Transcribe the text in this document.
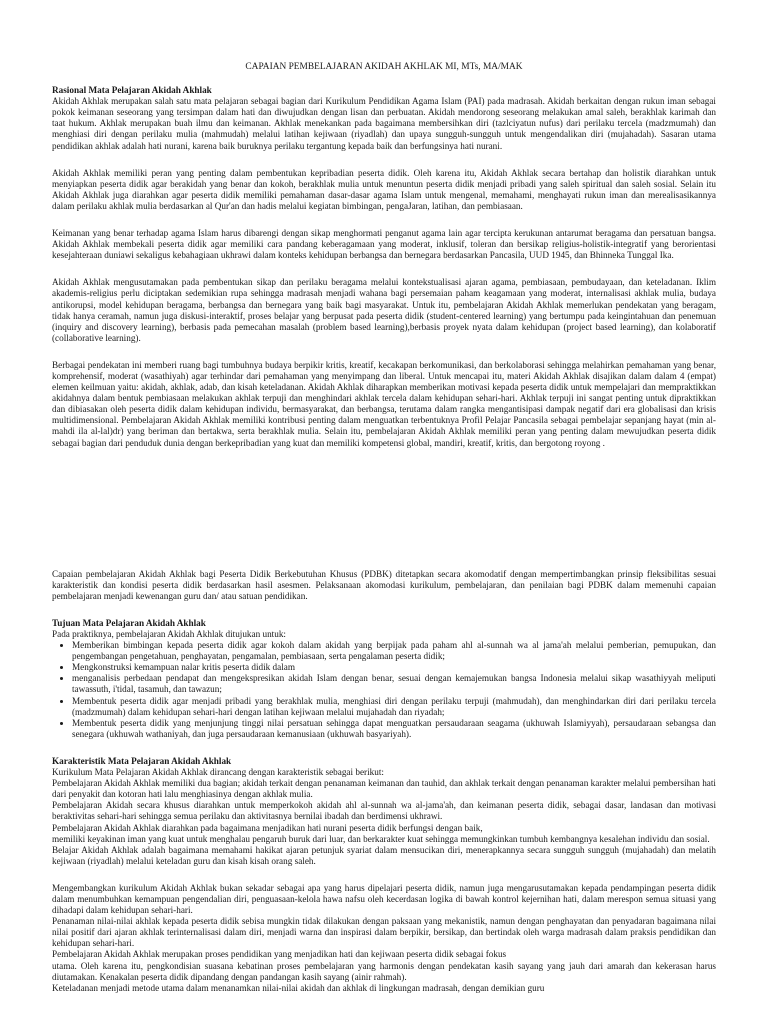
CAPAIAN PEMBELAJARAN AKIDAH AKHLAK MI, MTs, MA/MAK

Rasional Mata Pelajaran Akidah Akhlak

Akidah Akhlak merupakan salah satu mata pelajaran sebagai bagian dari Kurikulum Pendidikan Agama Islam (PAI) pada madrasah. Akidah berkaitan dengan rukun iman sebagai pokok keimanan seseorang yang tersimpan dalam hati dan diwujudkan dengan lisan dan perbuatan. Akidah mendorong seseorang melakukan amal saleh, berakhlak karimah dan taat hukum. Akhlak merupakan buah ilmu dan keimanan. Akhlak menekankan pada bagaimana membersihkan diri (tazlciyatun nufus) dari perilaku tercela (madzmumah) dan menghiasi diri dengan perilaku mulia (mahmudah) melalui latihan kejiwaan (riyadlah) dan upaya sungguh-sungguh untuk mengendalikan diri (mujahadah). Sasaran utama pendidikan akhlak adalah hati nurani, karena baik buruknya perilaku tergantung kepada baik dan berfungsinya hati nurani.

Akidah Akhlak memiliki peran yang penting dalam pembentukan kepribadian peserta didik. Oleh karena itu, Akidah Akhlak secara bertahap dan holistik diarahkan untuk menyiapkan peserta didik agar berakidah yang benar dan kokoh, berakhlak mulia untuk menuntun peserta didik menjadi pribadi yang saleh spiritual dan saleh sosial. Selain itu Akidah Akhlak juga diarahkan agar peserta didik memiliki pemahaman dasar-dasar agama Islam untuk mengenal, memahami, menghayati rukun iman dan merealisasikannya dalam perilaku akhlak mulia berdasarkan al Qur'an dan hadis melalui kegiatan bimbingan, pengaJaran, latihan, dan pembiasaan.

Keimanan yang benar terhadap agama Islam harus dibarengi dengan sikap menghormati penganut agama lain agar tercipta kerukunan antarumat beragama dan persatuan bangsa. Akidah Akhlak membekali peserta didik agar memiliki cara pandang keberagamaan yang moderat, inklusif, toleran dan bersikap religius-holistik-integratif yang berorientasi kesejahteraan duniawi sekaligus kebahagiaan ukhrawi dalam konteks kehidupan berbangsa dan bernegara berdasarkan Pancasila, UUD 1945, dan Bhinneka Tunggal Ika.

Akidah Akhlak mengusutamakan pada pembentukan sikap dan perilaku beragama melalui kontekstualisasi ajaran agama, pembiasaan, pembudayaan, dan keteladanan. Iklim akademis-religius perlu diciptakan sedemikian rupa sehingga madrasah menjadi wahana bagi persemaian paham keagamaan yang moderat, internalisasi akhlak mulia, budaya antikorupsi, model kehidupan beragama, berbangsa dan bernegara yang baik bagi masyarakat. Untuk itu, pembelajaran Akidah Akhlak memerlukan pendekatan yang beragam, tidak hanya ceramah, namun juga diskusi-interaktif, proses belajar yang berpusat pada peserta didik (student-centered learning) yang bertumpu pada keingintahuan dan penemuan (inquiry and discovery learning), berbasis pada pemecahan masalah (problem based learning),berbasis proyek nyata dalam kehidupan (project based learning), dan kolaboratif (collaborative learning).

Berbagai pendekatan ini memberi ruang bagi tumbuhnya budaya berpikir kritis, kreatif, kecakapan berkomunikasi, dan berkolaborasi sehingga melahirkan pemahaman yang benar, komprehensif, moderat (wasathiyah) agar terhindar dari pemahaman yang menyimpang dan liberal. Untuk mencapai itu, materi Akidah Akhlak disajikan dalam dalam 4 (empat) elemen keilmuan yaitu: akidah, akhlak, adab, dan kisah keteladanan. Akidah Akhlak diharapkan memberikan motivasi kepada peserta didik untuk mempelajari dan mempraktikkan akidahnya dalam bentuk pembiasaan melakukan akhlak terpuji dan menghindari akhlak tercela dalam kehidupan sehari-hari. Akhlak terpuji ini sangat penting untuk dipraktikkan dan dibiasakan oleh peserta didik dalam kehidupan individu, bermasyarakat, dan berbangsa, terutama dalam rangka mengantisipasi dampak negatif dari era globalisasi dan krisis multidimensional. Pembelajaran Akidah Akhlak memiliki kontribusi penting dalam menguatkan terbentuknya Profil Pelajar Pancasila sebagai pembelajar sepanjang hayat (min al-mahdi ila al-lal)dr) yang beriman dan bertakwa, serta berakhlak mulia. Selain itu, pembelajaran Akidah Akhlak memiliki peran yang penting dalam mewujudkan peserta didik sebagai bagian dari penduduk dunia dengan berkepribadian yang kuat dan memiliki kompetensi global, mandiri, kreatif, kritis, dan bergotong royong .

Capaian pembelajaran Akidah Akhlak bagi Peserta Didik Berkebutuhan Khusus (PDBK) ditetapkan secara akomodatif dengan mempertimbangkan prinsip fleksibilitas sesuai karakteristik dan kondisi peserta didik berdasarkan hasil asesmen. Pelaksanaan akomodasi kurikulum, pembelajaran, dan penilaian bagi PDBK dalam memenuhi capaian pembelajaran menjadi kewenangan guru dan/ atau satuan pendidikan.

Tujuan Mata Pelajaran Akidah Akhlak

Pada praktiknya, pembelajaran Akidah Akhlak ditujukan untuk:

• Memberikan bimbingan kepada peserta didik agar kokoh dalam akidah yang berpijak pada paham ahl al-sunnah wa al jama'ah melalui pemberian, pemupukan, dan pengembangan pengetahuan, penghayatan, pengamalan, pembiasaan, serta pengalaman peserta didik;
• Mengkonstruksi kemampuan nalar kritis peserta didik dalam
• menganalisis perbedaan pendapat dan mengekspresikan akidah Islam dengan benar, sesuai dengan kemajemukan bangsa Indonesia melalui sikap wasathiyyah meliputi tawassuth, i'tidal, tasamuh, dan tawazun;
• Membentuk peserta didik agar menjadi pribadi yang berakhlak mulia, menghiasi diri dengan perilaku terpuji (mahmudah), dan menghindarkan diri dari perilaku tercela (madzmumah) dalam kehidupan sehari-hari dengan latihan kejiwaan melalui mujahadah dan riyadah;
• Membentuk peserta didik yang menjunjung tinggi nilai persatuan sehingga dapat menguatkan persaudaraan seagama (ukhuwah Islamiyyah), persaudaraan sebangsa dan senegara (ukhuwah wathaniyah, dan juga persaudaraan kemanusiaan (ukhuwah basyariyah).

Karakteristik Mata Pelajaran Akidah Akhlak

Kurikulum Mata Pelajaran Akidah Akhlak dirancang dengan karakteristik sebagai berikut:

Pembelajaran Akidah Akhlak memiliki dua bagian; akidah terkait dengan penanaman keimanan dan tauhid, dan akhlak terkait dengan penanaman karakter melalui pembersihan hati dari penyakit dan kotoran hati lalu menghiasinya dengan akhlak mulia.

Pembelajaran Akidah secara khusus diarahkan untuk memperkokoh akidah ahl al-sunnah wa al-jama'ah, dan keimanan peserta didik, sebagai dasar, landasan dan motivasi beraktivitas sehari-hari sehingga semua perilaku dan aktivitasnya bernilai ibadah dan berdimensi ukhrawi.

Pembelajaran Akidah Akhlak diarahkan pada bagaimana menjadikan hati nurani peserta didik berfungsi dengan baik,

memiliki keyakinan iman yang kuat untuk menghalau pengaruh buruk dari luar, dan berkarakter kuat sehingga memungkinkan tumbuh kembangnya kesalehan individu dan sosial.

Belajar Akidah Akhlak adalah bagaimana memahami hakikat ajaran petunjuk syariat dalam mensucikan diri, menerapkannya secara sungguh sungguh (mujahadah) dan melatih kejiwaan (riyadlah) melalui keteladan guru dan kisah kisah orang saleh.

Mengembangkan kurikulum Akidah Akhlak bukan sekadar sebagai apa yang harus dipelajari peserta didik, namun juga mengarusutamakan kepada pendampingan peserta didik dalam menumbuhkan kemampuan pengendalian diri, penguasaan-kelola hawa nafsu oleh kecerdasan logika di bawah kontrol kejernihan hati, dalam merespon semua situasi yang dihadapi dalam kehidupan sehari-hari.

Penanaman nilai-nilai akhlak kepada peserta didik sebisa mungkin tidak dilakukan dengan paksaan yang mekanistik, namun dengan penghayatan dan penyadaran bagaimana nilai nilai positif dari ajaran akhlak terinternalisasi dalam diri, menjadi warna dan inspirasi dalam berpikir, bersikap, dan bertindak oleh warga madrasah dalam praksis pendidikan dan kehidupan sehari-hari.

Pembelajaran Akidah Akhlak merupakan proses pendidikan yang menjadikan hati dan kejiwaan peserta didik sebagai fokus

utama. Oleh karena itu, pengkondisian suasana kebatinan proses pembelajaran yang harmonis dengan pendekatan kasih sayang yang jauh dari amarah dan kekerasan harus diutamakan. Kenakalan peserta didik dipandang dengan pandangan kasih sayang (ainir rahmah).

Keteladanan menjadi metode utama dalam menanamkan nilai-nilai akidah dan akhlak di lingkungan madrasah, dengan demikian guru
